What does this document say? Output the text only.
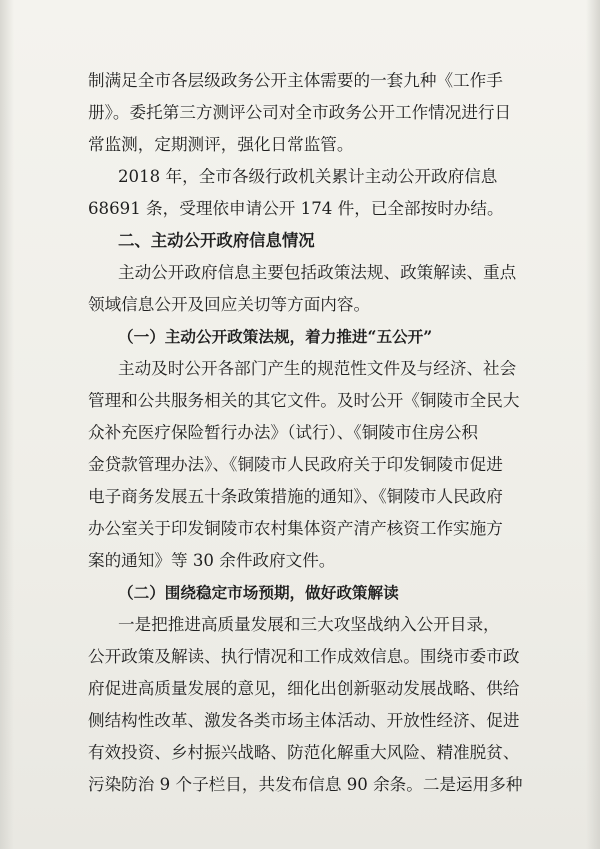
制满足全市各层级政务公开主体需要的一套九种《工作手
册》。委托第三方测评公司对全市政务公开工作情况进行日
常监测，定期测评，强化日常监管。
2018 年，全市各级行政机关累计主动公开政府信息
68691 条，受理依申请公开 174 件，已全部按时办结。
二、主动公开政府信息情况
主动公开政府信息主要包括政策法规、政策解读、重点
领域信息公开及回应关切等方面内容。
（一）主动公开政策法规，着力推进“五公开”
主动及时公开各部门产生的规范性文件及与经济、社会
管理和公共服务相关的其它文件。及时公开《铜陵市全民大
众补充医疗保险暂行办法》（试行）、《铜陵市住房公积
金贷款管理办法》、《铜陵市人民政府关于印发铜陵市促进
电子商务发展五十条政策措施的通知》、《铜陵市人民政府
办公室关于印发铜陵市农村集体资产清产核资工作实施方
案的通知》等 30 余件政府文件。
（二）围绕稳定市场预期，做好政策解读
一是把推进高质量发展和三大攻坚战纳入公开目录，
公开政策及解读、执行情况和工作成效信息。围绕市委市政
府促进高质量发展的意见，细化出创新驱动发展战略、供给
侧结构性改革、激发各类市场主体活动、开放性经济、促进
有效投资、乡村振兴战略、防范化解重大风险、精准脱贫、
污染防治 9 个子栏目，共发布信息 90 余条。二是运用多种
